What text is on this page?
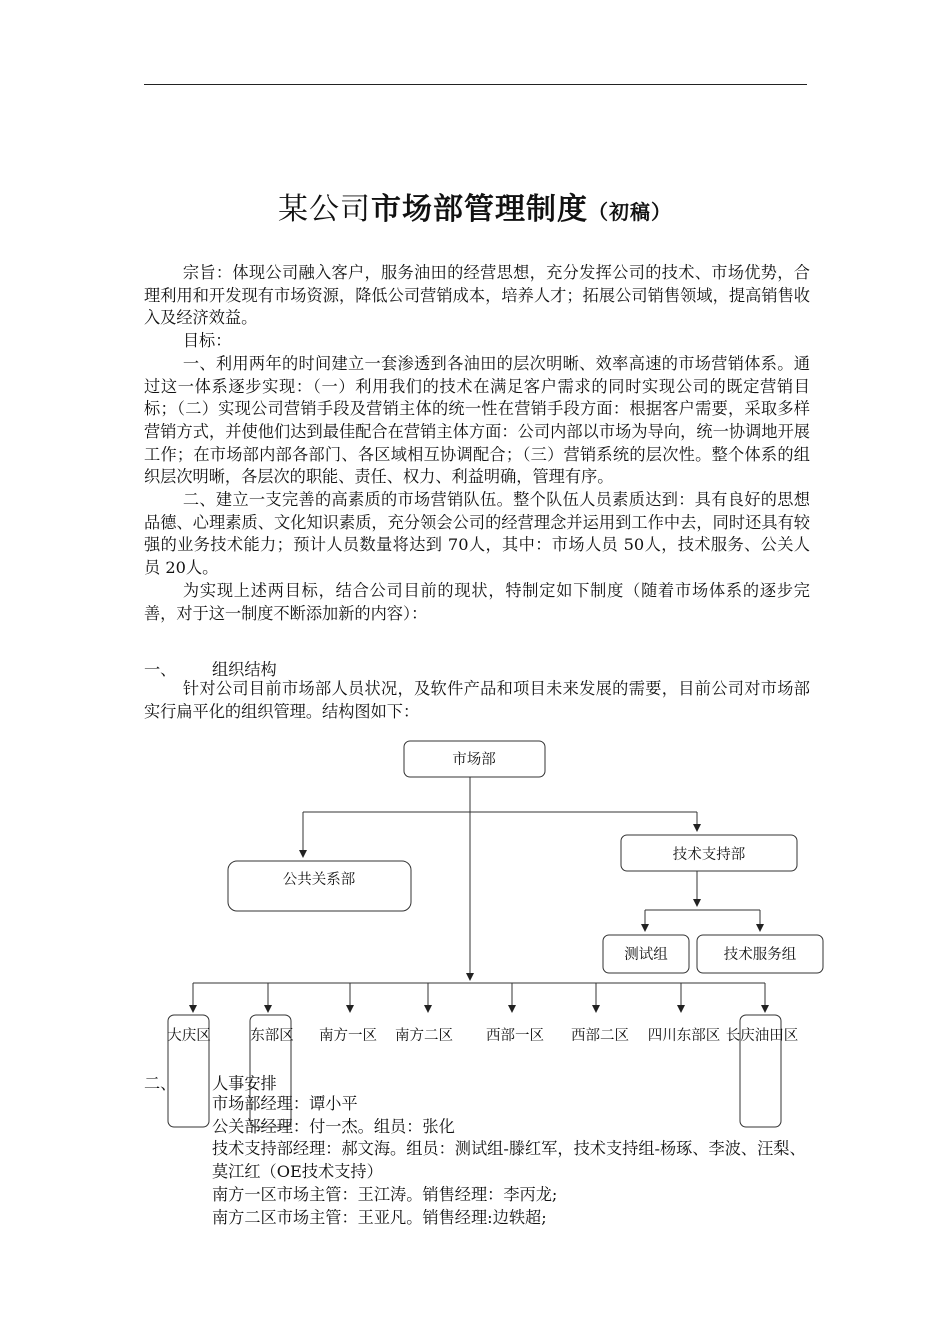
某公司市场部管理制度（初稿）

宗旨：体现公司融入客户，服务油田的经营思想，充分发挥公司的技术、市场优势，合理利用和开发现有市场资源，降低公司营销成本，培养人才；拓展公司销售领域，提高销售收入及经济效益。

目标：

一、利用两年的时间建立一套渗透到各油田的层次明晰、效率高速的市场营销体系。通过这一体系逐步实现：（一）利用我们的技术在满足客户需求的同时实现公司的既定营销目标；（二）实现公司营销手段及营销主体的统一性在营销手段方面：根据客户需要，采取多样营销方式，并使他们达到最佳配合在营销主体方面：公司内部以市场为导向，统一协调地开展工作；在市场部内部各部门、各区域相互协调配合；（三）营销系统的层次性。整个体系的组织层次明晰，各层次的职能、责任、权力、利益明确，管理有序。

二、建立一支完善的高素质的市场营销队伍。整个队伍人员素质达到：具有良好的思想品德、心理素质、文化知识素质，充分领会公司的经营理念并运用到工作中去，同时还具有较强的业务技术能力；预计人员数量将达到 70人，其中：市场人员 50人，技术服务、公关人员 20人。

为实现上述两目标，结合公司目前的现状，特制定如下制度（随着市场体系的逐步完善，对于这一制度不断添加新的内容）：

一、 组织结构
针对公司目前市场部人员状况，及软件产品和项目未来发展的需要，目前公司对市场部实行扁平化的组织管理。结构图如下：
市场部
公共关系部
技术支持部
测试组	技术服务组
大庆区	东部区 南方一区 南方二区 西部一区 西部二区 四川东部区 长庆油田区
二、 人事安排
市场部经理：谭小平
公关部经理：付一杰。组员：张化
技术支持部经理：郝文海。组员：测试组-滕红军，技术支持组-杨琢、李波、汪梨、莫江红（OE技术支持）
南方一区市场主管：王江涛。销售经理：李丙龙;
南方二区市场主管：王亚凡。销售经理:边轶超;
